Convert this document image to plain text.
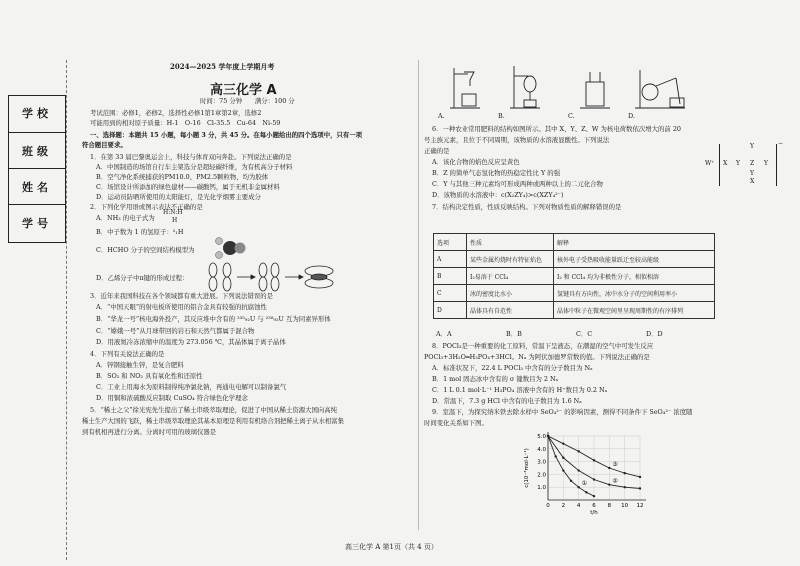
学校
班级
姓名
学号
2024—2025 学年度上学期月考
高三化学 A
时间：75 分钟　　满分：100 分
考试范围：必修1，必修2，选择性必修1第1章第2章，选修2
可能用到的相对原子质量：H-1　O-16　Cl-35.5　Cu-64　Ni-59
一、选择题：本题共 15 小题，每小题 3 分，共 45 分。在每小题给出的四个选项中，只有一项
符合题目要求。
1．在第 33 届巴黎奥运会上，科技与体育双向奔赴。下列说法正确的是
A．中国制造的场馆自行车主架选分是超轻碳纤维，为有机高分子材料
B．空气净化系统捕获的PM10.0、PM2.5颗粒物，均为胶体
C．场馆设计所添加的绿色建材——碳酸钙，属于无机非金属材料
D．运动员防晒所使用的太阳能灯，是光化学烟雾主要成分
2．下列化学用语或图示表达不正确的是
A．NH₃ 的电子式为
H:N:H
H
B．中子数为 1 的氢原子：²₁H
C．HCHO 分子的空间结构模型为
D．乙烯分子中π键的形成过程：
3．近年来我国科技在各个领域都有重大进展。下列说法错误的是
A．“中国天眼”的射电板所使用的铝合金具有较强的抗腐蚀性
B．“华龙一号”核电海外投产，其反应堆中含有的 ²³⁵₉₂U 与 ²³⁸₉₂U 互为同素异形体
C．“嫦娥一号”从月球带回的岩石和天然气都属于混合物
D．用液氮冷冻浓缩中的温度为 273.056 ℃，其晶体属于离子晶体
4．下列有关说法正确的是
A．锌钢接触生锌，是复合肥料
B．SO₂ 和 NO₂ 具有氧化性和还原性
C．工业上用海水为原料制得纯净氯化钠，再通电电解可以制备氯气
D．用铜和浓硫酸反应制取 CuSO₄ 符合绿色化学理念
5．“稀土之父”徐光宪先生提出了稀土串级萃取理论，促进了中国从稀土资源大国向高纯
稀土生产大国的飞跃，稀土串级萃取理论其基本原理是利用有机络合剂把稀土离子从水相富集
到有机相再进行分离。分离时可用的玻璃仪器是
A.	B.	C.	D.
6．一种农业常用肥料的结构如图所示。其中 X、Y、Z、W 为核电荷数依次增大的前 20
号主族元素，且位于不同周期，该物质的水溶液显酸性。下列说法
正确的是
A．该化合物的焰色反应呈黄色
B．Z 的简单气态氢化物的热稳定性比 Y 的强
C．Y 与其他三种元素均可形成两种或两种以上的二元化合物
D．该物质的水溶液中：c(X₂ZY₄)>c(XZY₄²⁻)
W⁺
−
Y
X Y Z Y
Y
X
7．结构决定性质，性质反映结构。下列对物质性质的解释错误的是
选项	性质	解释
A	某些金属灼烧时有特征焰色	核外电子受热吸收能量跃迁至较高能级
B	I₂易溶于 CCl₄	I₂ 和 CCl₄ 均为非极性分子，相似相溶
C	冰的密度比水小	氢键具有方向性，冰中水分子的空间利用率小
D	晶体具有自范性	晶体中粒子在微观空间里呈现周期性的有序排列
A．A	B．B	C．C	D．D
8．POCl₃是一种重要的化工原料，常温下呈液态，在潮湿的空气中可发生反应
POCl₃+3H₂O═H₃PO₄+3HCl。Nₐ 为阿伏加德罗常数的值。下列说法正确的是
A．标准状况下，22.4 L POCl₃ 中含有的分子数目为 Nₐ
B．1 mol 固态冰中含有的 σ 键数目为 2 Nₐ
C．1 L 0.1 mol·L⁻¹ H₃PO₄ 溶液中含有的 H⁺数目为 0.2 Nₐ
D．常温下，7.3 g HCl 中含有的电子数目为 1.6 Nₐ
9．室温下，为探究纳米铁去除水样中 SeO₄²⁻ 的影响因素，测得不同条件下 SeO₄²⁻ 浓度随
时间变化关系如下图。
0 2 4 6 8 10 12
1.0
2.0
3.0
4.0
5.0
t/h
c(10⁻³mol·L⁻¹)	①	②
③
高三化学 A 第1页（共 4 页）
